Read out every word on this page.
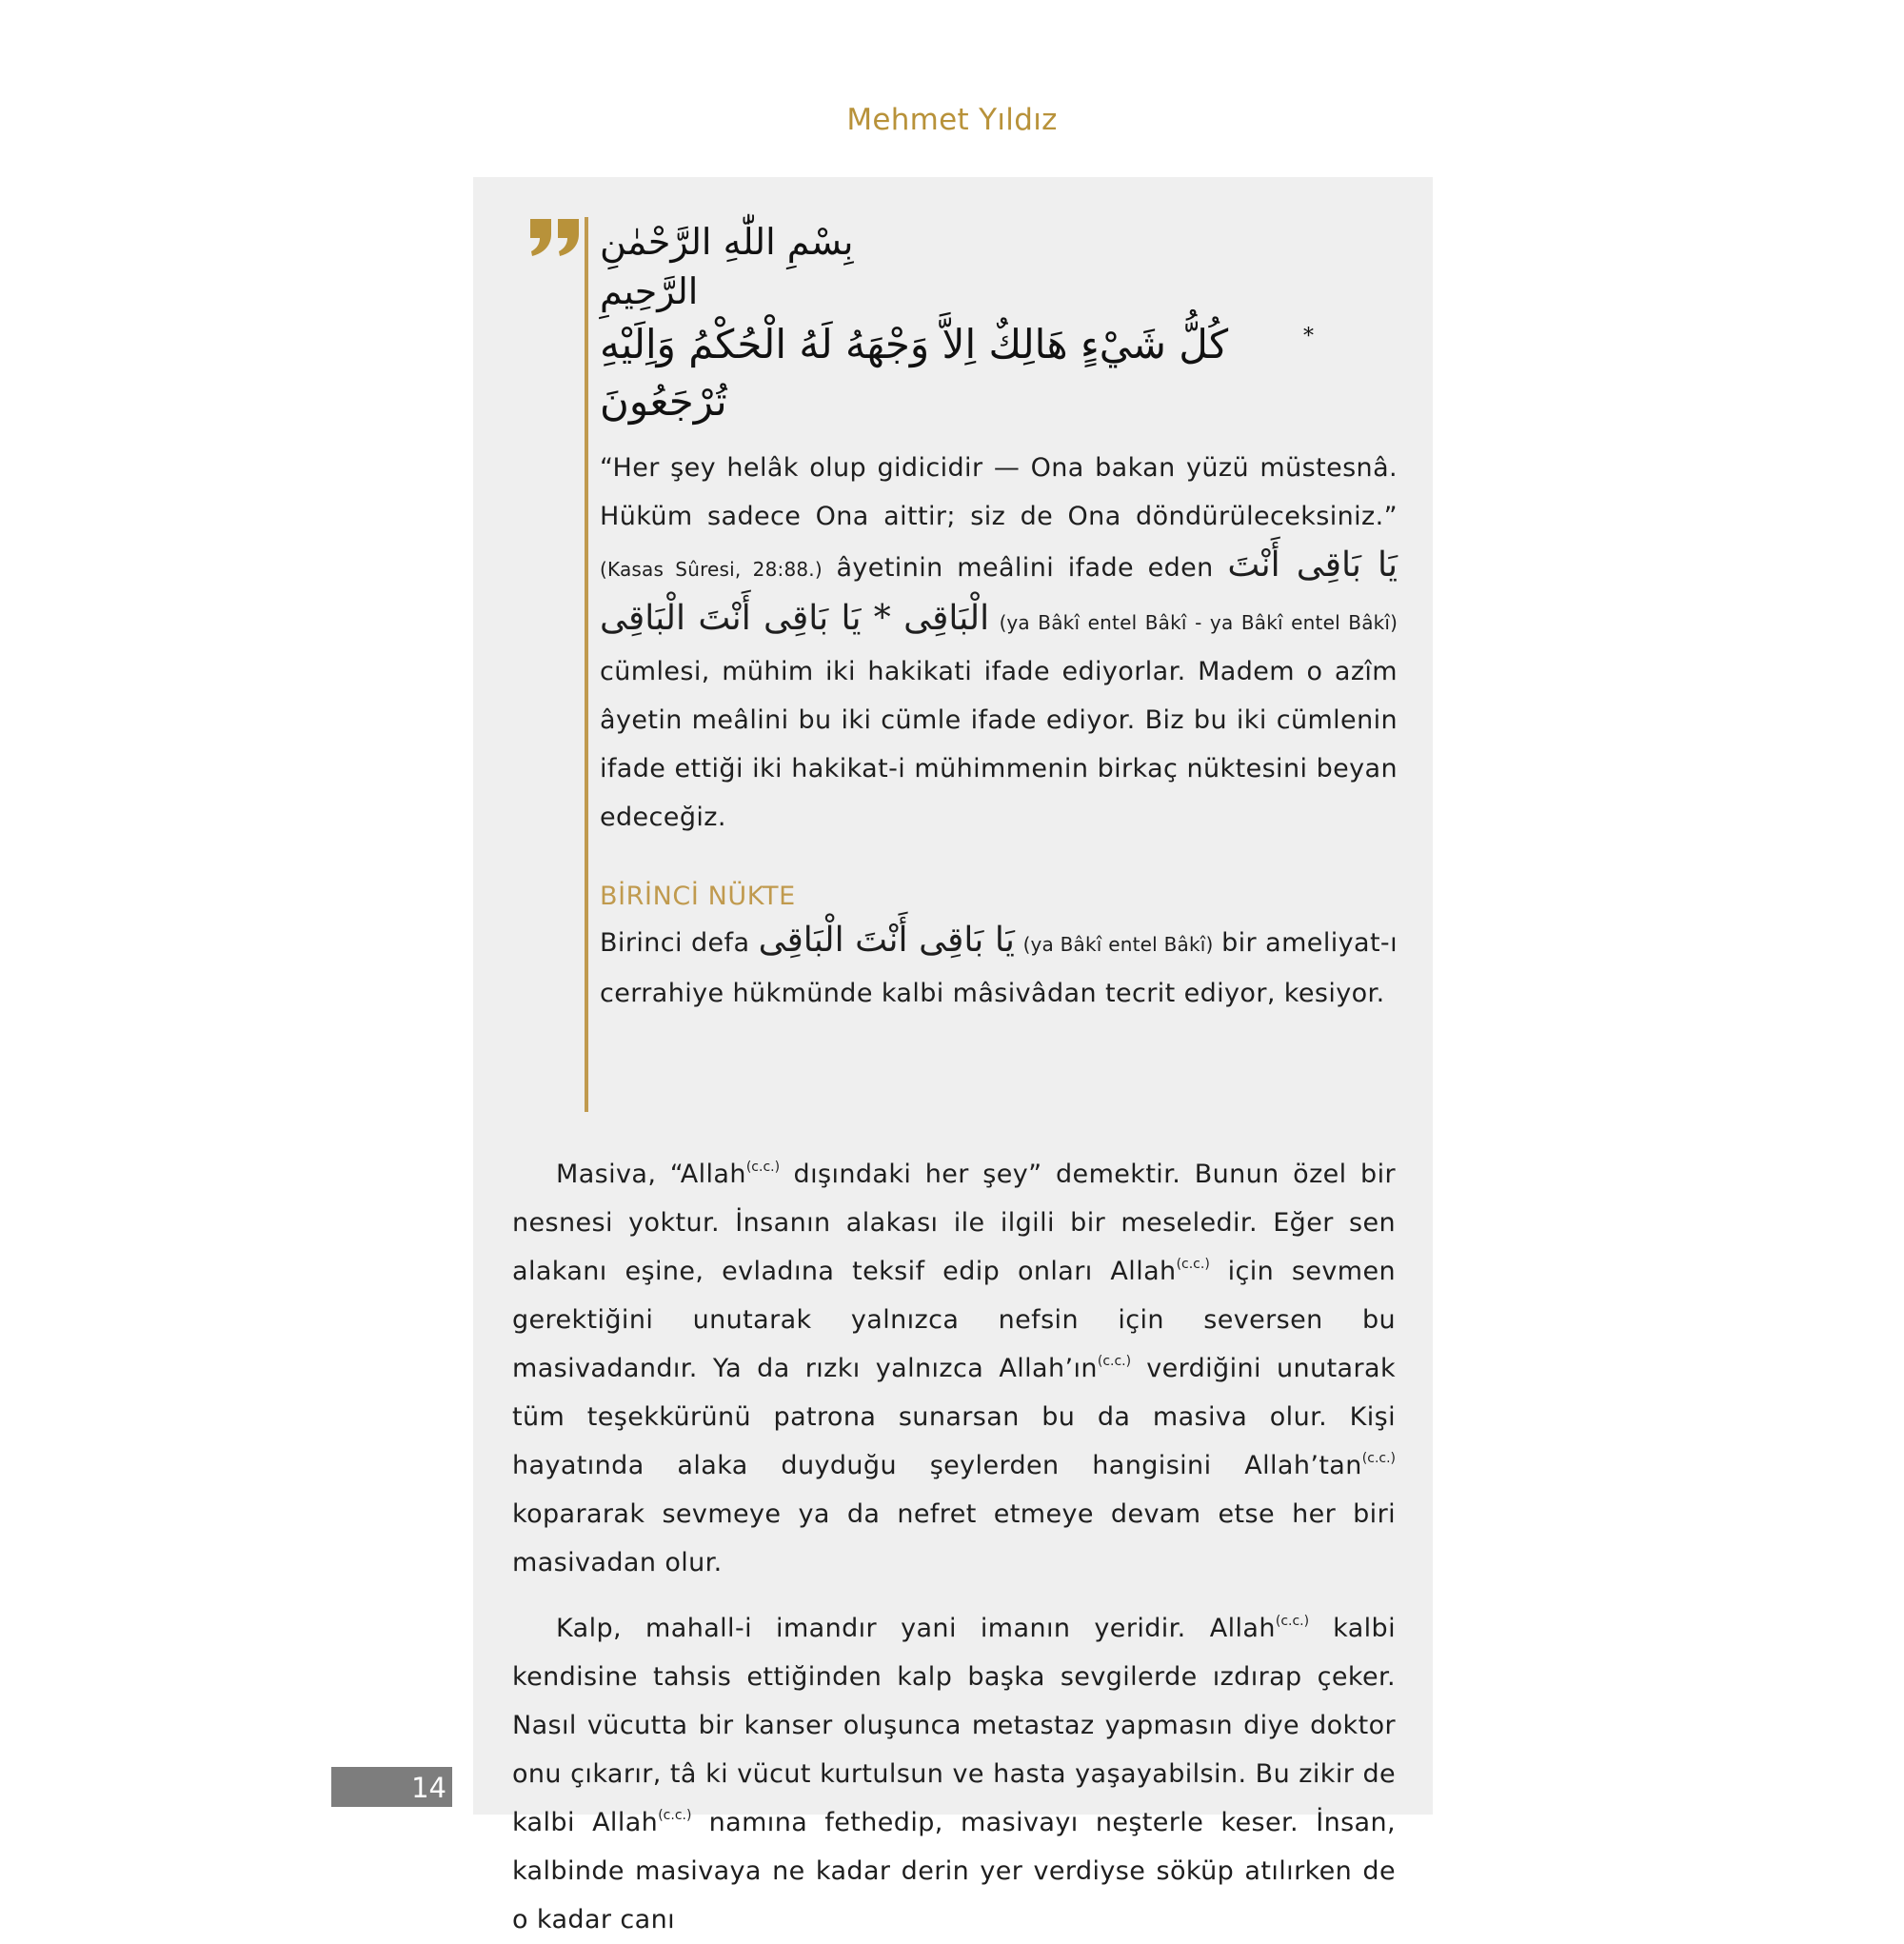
Mehmet Yıldız
بِسْمِ اللّٰهِ الرَّحْمٰنِ الرَّحِيمِ
*
كُلُّ شَيْءٍ هَالِكٌ اِلاَّ وَجْهَهُ لَهُ الْحُكْمُ وَاِلَيْهِ تُرْجَعُونَ
“Her şey helâk olup gidicidir — Ona bakan yüzü müstesnâ. Hüküm sadece Ona aittir; siz de Ona döndürüleceksiniz.” (Kasas Sûresi, 28:88.) âyetinin meâlini ifade eden يَا بَاقِى أَنْتَ الْبَاقِى * يَا بَاقِى أَنْتَ الْبَاقِى (ya Bâkî entel Bâkî - ya Bâkî entel Bâkî) cümlesi, mühim iki hakikati ifade ediyorlar. Madem o azîm âyetin meâlini bu iki cümle ifade ediyor. Biz bu iki cümlenin ifade ettiği iki hakikat-i mühimmenin birkaç nüktesini beyan edeceğiz.
BİRİNCİ NÜKTE
Birinci defa يَا بَاقِى أَنْتَ الْبَاقِى (ya Bâkî entel Bâkî) bir ameliyat-ı cerrahiye hükmünde kalbi mâsivâdan tecrit ediyor, kesiyor.

Masiva, “Allah$^{(c.c.)}$ dışındaki her şey” demektir. Bunun özel bir nesnesi yoktur. İnsanın alakası ile ilgili bir meseledir. Eğer sen alakanı eşine, evladına teksif edip onları Allah$^{(c.c.)}$ için sevmen gerektiğini unutarak yalnızca nefsin için seversen bu masivadandır. Ya da rızkı yalnızca $Allah’ın^{(c.c.)}$ verdiğini unutarak tüm teşekkürünü patrona sunarsan bu da masiva olur. Kişi hayatında alaka duyduğu şeylerden hangisini $Allah’\tan^{(c.c.)}$ kopararak sevmeye ya da nefret etmeye devam etse her biri masivadan olur.

Kalp, mahall-i imandır yani imanın yeridir. Allah$^{(c.c.)}$ kalbi kendisine tahsis ettiğinden kalp başka sevgilerde ızdırap çeker. Nasıl vücutta bir kanser oluşunca metastaz yapmasın diye doktor onu çıkarır, tâ ki vücut kurtulsun ve hasta yaşayabilsin. Bu zikir de kalbi Allah$^{(c.c.)}$ namına fethedip, masivayı neşterle keser. İnsan, kalbinde masivaya ne kadar derin yer verdiyse söküp atılırken de o kadar canı

14
